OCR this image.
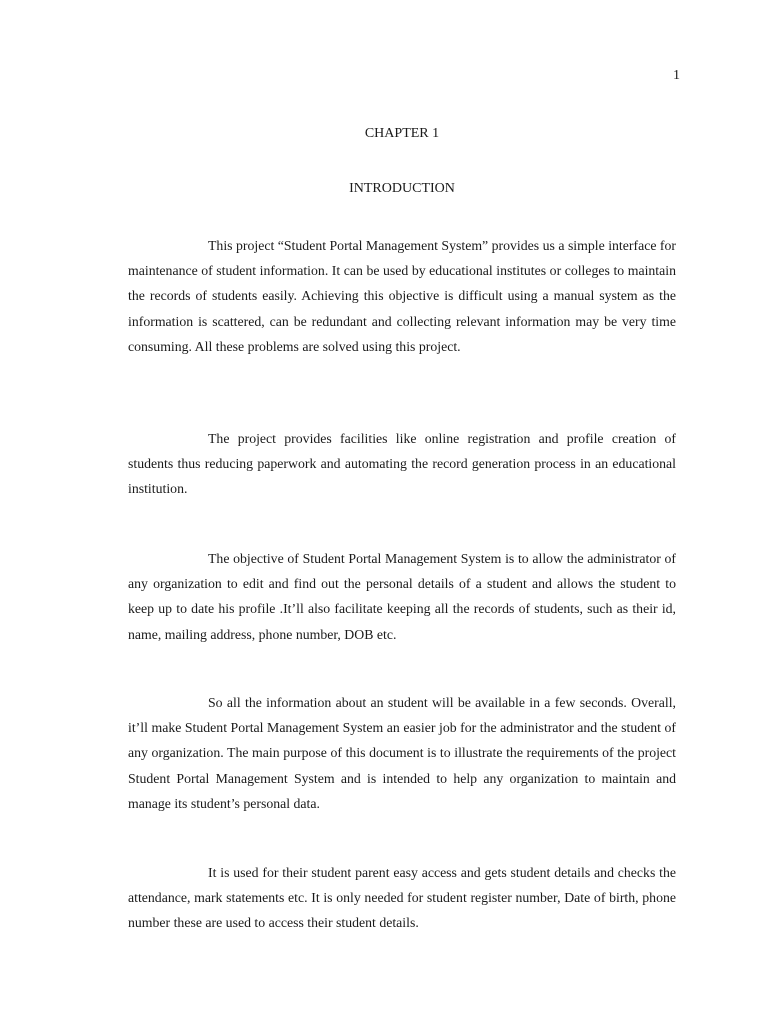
1
CHAPTER 1
INTRODUCTION

This project “Student Portal Management System” provides us a simple interface for maintenance of student information. It can be used by educational institutes or colleges to maintain the records of students easily. Achieving this objective is difficult using a manual system as the information is scattered, can be redundant and collecting relevant information may be very time consuming. All these problems are solved using this project.

The project provides facilities like online registration and profile creation of students thus reducing paperwork and automating the record generation process in an educational institution.

The objective of Student Portal Management System is to allow the administrator of any organization to edit and find out the personal details of a student and allows the student to keep up to date his profile .It’ll also facilitate keeping all the records of students, such as their id, name, mailing address, phone number, DOB etc.

So all the information about an student will be available in a few seconds. Overall, it’ll make Student Portal Management System an easier job for the administrator and the student of any organization. The main purpose of this document is to illustrate the requirements of the project Student Portal Management System and is intended to help any organization to maintain and manage its student’s personal data.

It is used for their student parent easy access and gets student details and checks the attendance, mark statements etc. It is only needed for student register number, Date of birth, phone number these are used to access their student details.
